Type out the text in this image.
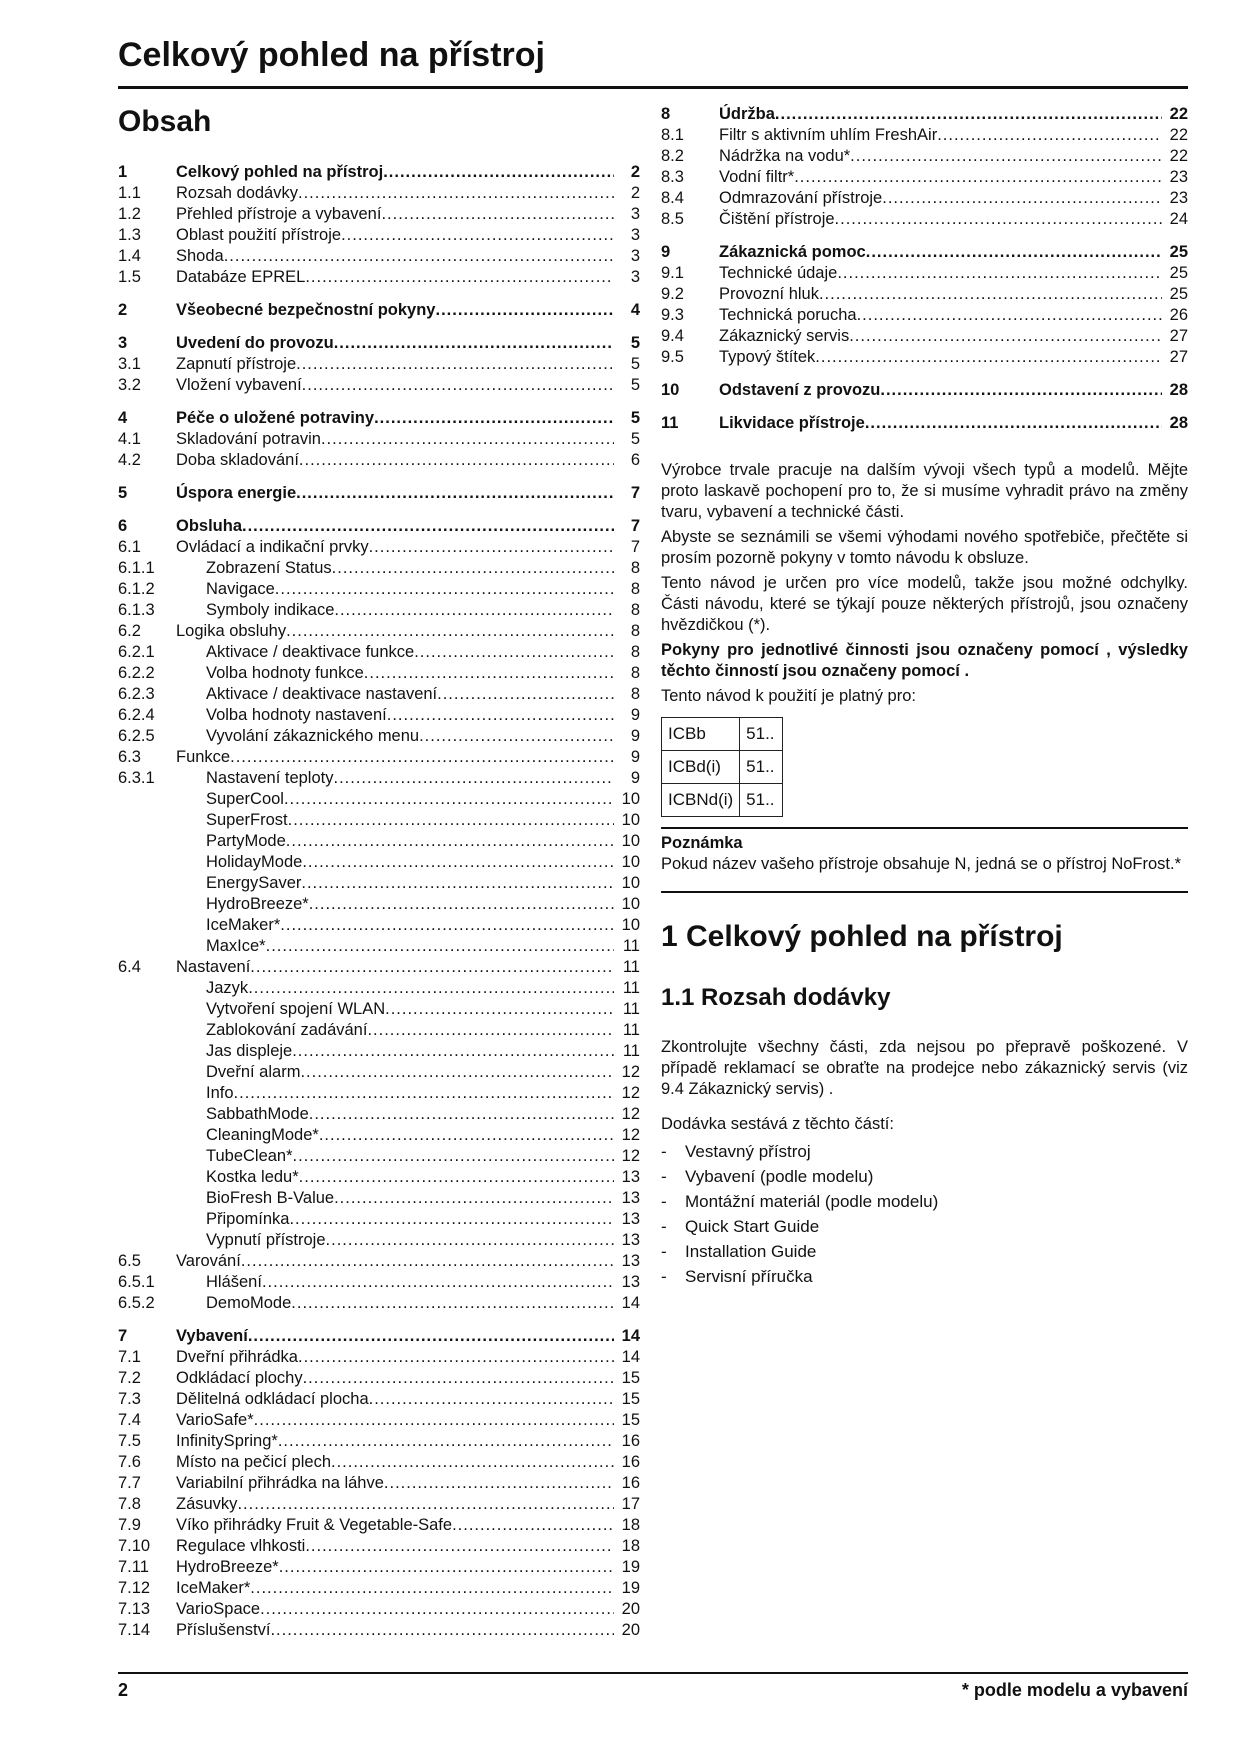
Celkový pohled na přístroj
Obsah
1	Celkový pohled na přístroj .....	2
1.1	Rozsah dodávky .....	2
1.2	Přehled přístroje a vybavení .....	3
1.3	Oblast použití přístroje .....	3
1.4	Shoda .....	3
1.5	Databáze EPREL .....	3
2	Všeobecné bezpečnostní pokyny .....	4
3	Uvedení do provozu .....	5
3.1	Zapnutí přístroje .....	5
3.2	Vložení vybavení .....	5
4	Péče o uložené potraviny .....	5
4.1	Skladování potravin .....	5
4.2	Doba skladování .....	6
5	Úspora energie .....	7
6	Obsluha .....	7
6.1	Ovládací a indikační prvky .....	7
6.1.1	Zobrazení Status .....	8
6.1.2	Navigace .....	8
6.1.3	Symboly indikace .....	8
6.2	Logika obsluhy .....	8
6.2.1	Aktivace / deaktivace funkce .....	8
6.2.2	Volba hodnoty funkce .....	8
6.2.3	Aktivace / deaktivace nastavení .....	8
6.2.4	Volba hodnoty nastavení .....	9
6.2.5	Vyvolání zákaznického menu .....	9
6.3	Funkce .....	9
6.3.1	Nastavení teploty .....	9
SuperCool .....	10
SuperFrost .....	10
PartyMode .....	10
HolidayMode .....	10
EnergySaver .....	10
HydroBreeze* .....	10
IceMaker* .....	10
MaxIce* .....	11
6.4	Nastavení .....	11
Jazyk .....	11
Vytvoření spojení WLAN .....	11
Zablokování zadávání .....	11
Jas displeje .....	11
Dveřní alarm .....	12
Info .....	12
SabbathMode .....	12
CleaningMode* .....	12
TubeClean* .....	12
Kostka ledu* .....	13
BioFresh B-Value .....	13
Připomínka .....	13
Vypnutí přístroje .....	13
6.5	Varování .....	13
6.5.1	Hlášení .....	13
6.5.2	DemoMode .....	14
7	Vybavení .....	14
7.1	Dveřní přihrádka .....	14
7.2	Odkládací plochy .....	15
7.3	Dělitelná odkládací plocha .....	15
7.4	VarioSafe* .....	15
7.5	InfinitySpring* .....	16
7.6	Místo na pečicí plech .....	16
7.7	Variabilní přihrádka na láhve .....	16
7.8	Zásuvky .....	17
7.9	Víko přihrádky Fruit & Vegetable-Safe .....	18
7.10	Regulace vlhkosti .....	18
7.11	HydroBreeze* .....	19
7.12	IceMaker* .....	19
7.13	VarioSpace .....	20
7.14	Příslušenství .....	20
8	Údržba .....	22
8.1	Filtr s aktivním uhlím FreshAir .....	22
8.2	Nádržka na vodu* .....	22
8.3	Vodní filtr* .....	23
8.4	Odmrazování přístroje .....	23
8.5	Čištění přístroje .....	24
9	Zákaznická pomoc .....	25
9.1	Technické údaje .....	25
9.2	Provozní hluk .....	25
9.3	Technická porucha .....	26
9.4	Zákaznický servis .....	27
9.5	Typový štítek .....	27
10	Odstavení z provozu .....	28
11	Likvidace přístroje .....	28

Výrobce trvale pracuje na dalším vývoji všech typů a modelů. Mějte proto laskavě pochopení pro to, že si musíme vyhradit právo na změny tvaru, vybavení a technické části.

Abyste se seznámili se všemi výhodami nového spotřebiče, přečtěte si prosím pozorně pokyny v tomto návodu k obsluze.

Tento návod je určen pro více modelů, takže jsou možné odchylky. Části návodu, které se týkají pouze některých přístrojů, jsou označeny hvězdičkou (*).

Pokyny pro jednotlivé činnosti jsou označeny pomocí , výsledky těchto činností jsou označeny pomocí .

Tento návod k použití je platný pro:

ICBb	51..
ICBd(i)	51..
ICBNd(i)	51..
Poznámka

Pokud název vašeho přístroje obsahuje N, jedná se o přístroj NoFrost.*

1 Celkový pohled na přístroj
1.1 Rozsah dodávky

Zkontrolujte všechny části, zda nejsou po přepravě poškozené. V případě reklamací se obraťte na prodejce nebo zákaznický servis (viz 9.4 Zákaznický servis) .

Dodávka sestává z těchto částí:

-	Vestavný přístroj
-	Vybavení (podle modelu)
-	Montážní materiál (podle modelu)
-	Quick Start Guide
-	Installation Guide
-	Servisní příručka
2	* podle modelu a vybavení
